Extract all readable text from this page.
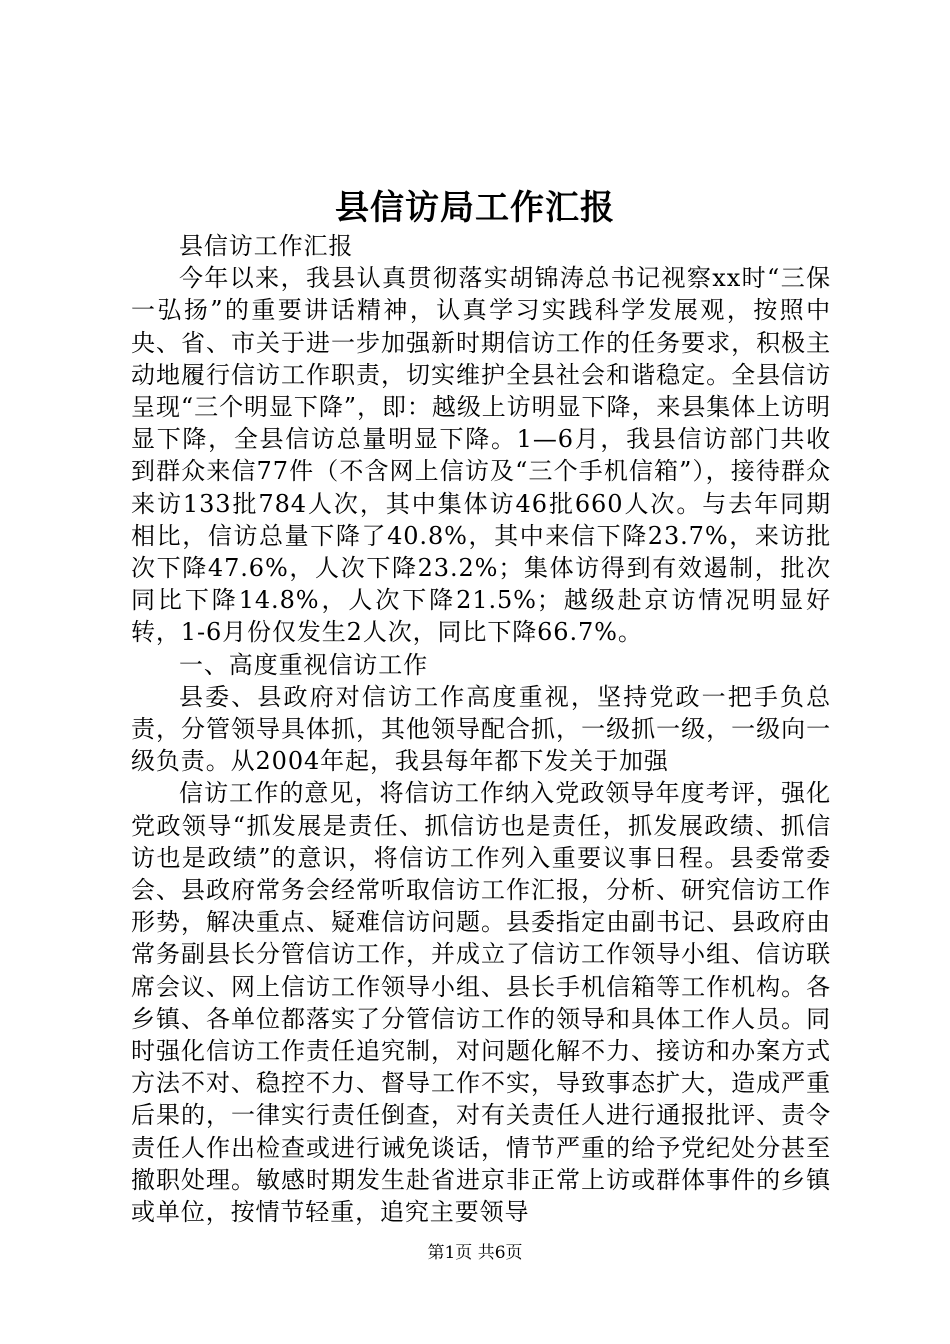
县信访局工作汇报

县信访工作汇报

今年以来，我县认真贯彻落实胡锦涛总书记视察xx时“三保一弘扬”的重要讲话精神，认真学习实践科学发展观，按照中央、省、市关于进一步加强新时期信访工作的任务要求，积极主动地履行信访工作职责，切实维护全县社会和谐稳定。全县信访呈现“三个明显下降”，即：越级上访明显下降，来县集体上访明显下降，全县信访总量明显下降。1—6月，我县信访部门共收到群众来信77件（不含网上信访及“三个手机信箱”），接待群众来访133批784人次，其中集体访46批660人次。与去年同期相比，信访总量下降了40.8%，其中来信下降23.7%，来访批次下降47.6%，人次下降23.2%；集体访得到有效遏制，批次同比下降14.8%，人次下降21.5%；越级赴京访情况明显好转，1-6月份仅发生2人次，同比下降66.7%。

一、高度重视信访工作

县委、县政府对信访工作高度重视，坚持党政一把手负总责，分管领导具体抓，其他领导配合抓，一级抓一级，一级向一级负责。从2004年起，我县每年都下发关于加强

信访工作的意见，将信访工作纳入党政领导年度考评，强化党政领导“抓发展是责任、抓信访也是责任，抓发展政绩、抓信访也是政绩”的意识，将信访工作列入重要议事日程。县委常委会、县政府常务会经常听取信访工作汇报，分析、研究信访工作形势，解决重点、疑难信访问题。县委指定由副书记、县政府由常务副县长分管信访工作，并成立了信访工作领导小组、信访联席会议、网上信访工作领导小组、县长手机信箱等工作机构。各乡镇、各单位都落实了分管信访工作的领导和具体工作人员。同时强化信访工作责任追究制，对问题化解不力、接访和办案方式方法不对、稳控不力、督导工作不实，导致事态扩大，造成严重后果的，一律实行责任倒查，对有关责任人进行通报批评、责令责任人作出检查或进行诫免谈话，情节严重的给予党纪处分甚至撤职处理。敏感时期发生赴省进京非正常上访或群体事件的乡镇或单位，按情节轻重，追究主要领导

第1页 共6页
